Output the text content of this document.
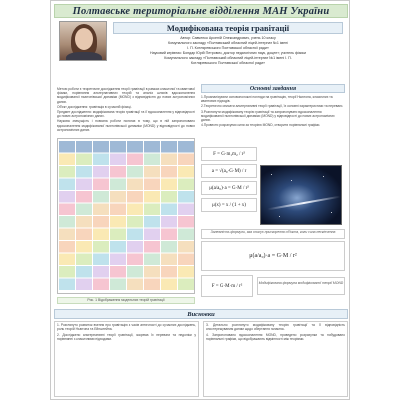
Полтавське територіальне відділення МАН України
Модифікована теорія гравітації

Автор: Савченко Арсеній Олександрович, учень 10 класу

Комунального закладу «Полтавський обласний ліцей-інтернат №1 імені

І. П. Котляревського Полтавської обласної ради»

Науковий керівник: Бондар Юрій Петрович, доктор педагогічних наук, доцент; учитель фізики

Комунального закладу «Полтавський обласний ліцей-інтернат №1 імені І. П.

Котляревського Полтавської обласної ради»

Метою роботи є теоретичне дослідження теорії гравітації в рамках класичної та квантової фізики, порівняння альтернативних теорій та аналіз шляхів вдосконалення модифікованої ньютонівської динаміки (MOND) з відповідністю до нових астрономічних даних.

Об'єкт дослідження: гравітація в сучасній фізиці.

Предмет дослідження: модифікована теорія гравітації та її вдосконалення у відповідності до нових астрономічних даних.

Наукова значущість і новизна роботи полягає в тому, що в ній запропоновано вдосконалення модифікованої ньютонівської динаміки (MOND) у відповідності до нових астрономічних даних.

Рис. 1 Відображення модельних теорій гравітації
Основні завдання

1.Проаналізувати основоположні погляди на гравітацію, теорії Ньютона, класичних та квантових підходів.

2.Теоретично описати альтернативні теорії гравітації, їх основні характеристики та переваги.

3.Розглянути модифіковану теорію гравітації та запропонувати вдосконалення модифікованої ньютонівської динаміки (MOND) у відповідності до нових астрономічних даних.

4.Провести розрахунки сили за теорією MOND, створити порівняльні графіки.

F = G·m₁m₂ / r²
a = √(a₀·G·M) / r
μ(a/a₀)·a = G·M / r²
μ(x) = x / (1 + x)
Залежність формули, яка описує прискорення об'єкта, коли сила нескінченна
μ(a/a₀)·a = G·M / r²
F = G·M·m / r²
Модифікована формула модифікованої теорії MOND
Висновки

1. Розглянуто розвиток вчення про гравітацію з часів античності до сучасних досліджень, роль теорій Ньютона та Ейнштейна.

2. Досліджено альтернативні теорії гравітації, зокрема їх переваги та недоліки у порівнянні з класичними підходами.

3. Детально розглянуто модифіковану теорію гравітації та її відповідність спостережуваним даним щодо обертання галактик.

4. Запропоновано вдосконалення MOND, проведено розрахунки та побудовано порівняльні графіки, що відображають відмінності між теоріями.
